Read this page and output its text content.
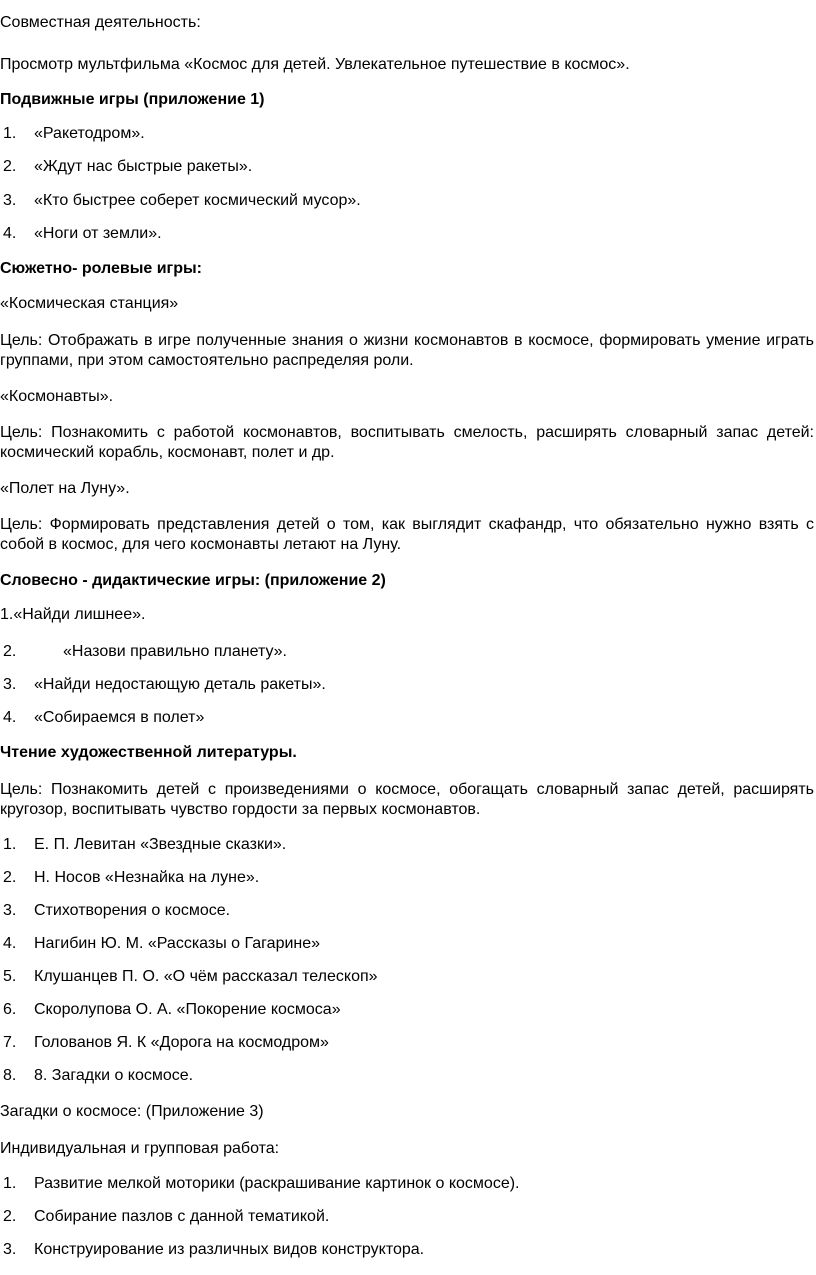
Совместная деятельность:

Просмотр мультфильма «Космос для детей. Увлекательное путешествие в космос».

Подвижные игры (приложение 1)

1. «Ракетодром».
2. «Ждут нас быстрые ракеты».
3. «Кто быстрее соберет космический мусор».
4. «Ноги от земли».

Сюжетно- ролевые игры:

«Космическая станция»

Цель: Отображать в игре полученные знания о жизни космонавтов в космосе, формировать умение играть группами, при этом самостоятельно распределяя роли.

«Космонавты».

Цель: Познакомить с работой космонавтов, воспитывать смелость, расширять словарный запас детей: космический корабль, космонавт, полет и др.

«Полет на Луну».

Цель: Формировать представления детей о том, как выглядит скафандр, что обязательно нужно взять с собой в космос, для чего космонавты летают на Луну.

Словесно - дидактические игры: (приложение 2)

1.«Найди лишнее».

2.	«Назови правильно планету».
3. «Найди недостающую деталь ракеты».
4. «Собираемся в полет»

Чтение художественной литературы.

Цель: Познакомить детей с произведениями о космосе, обогащать словарный запас детей, расширять кругозор, воспитывать чувство гордости за первых космонавтов.

1. Е. П. Левитан «Звездные сказки».
2. Н. Носов «Незнайка на луне».
3. Стихотворения о космосе.
4. Нагибин Ю. М. «Рассказы о Гагарине»
5. Клушанцев П. О. «О чём рассказал телескоп»
6. Скоролупова О. А. «Покорение космоса»
7. Голованов Я. К «Дорога на космодром»
8. 8. Загадки о космосе.

Загадки о космосе: (Приложение 3)

Индивидуальная и групповая работа:

1. Развитие мелкой моторики (раскрашивание картинок о космосе).
2. Собирание пазлов с данной тематикой.
3. Конструирование из различных видов конструктора.
